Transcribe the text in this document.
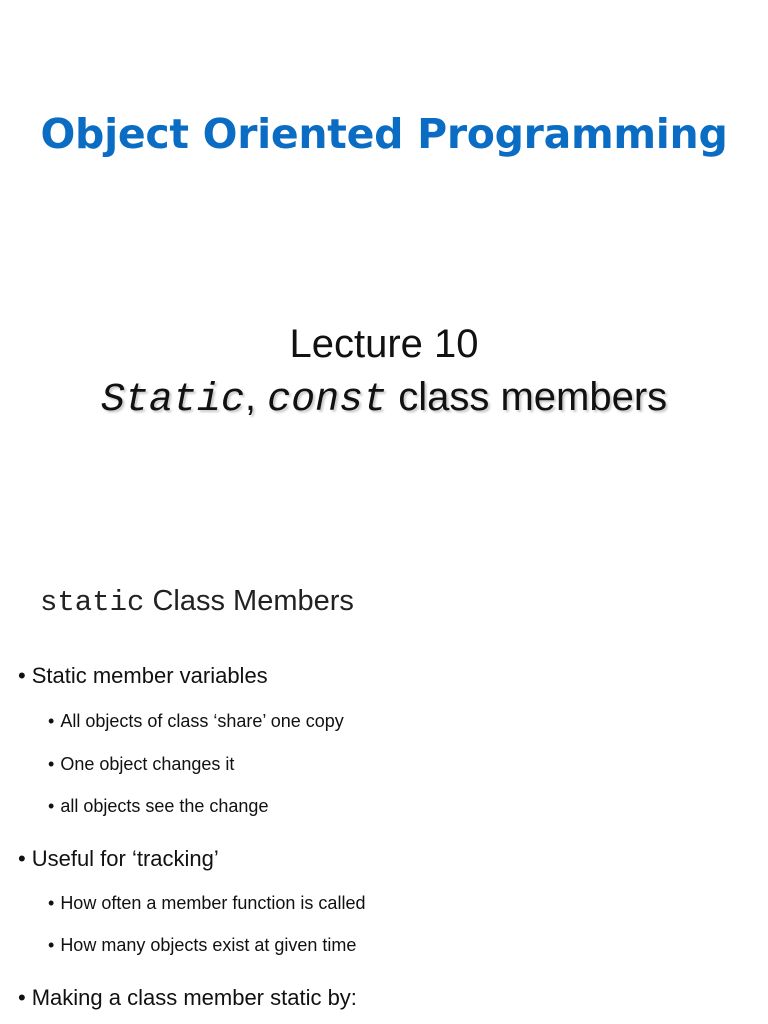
Object Oriented Programming
Lecture 10
Static, const class members
static Class Members
• Static member variables
• All objects of class ‘share’ one copy
• One object changes it
• all objects see the change
• Useful for ‘tracking’
• How often a member function is called
• How many objects exist at given time
• Making a class member static by:
